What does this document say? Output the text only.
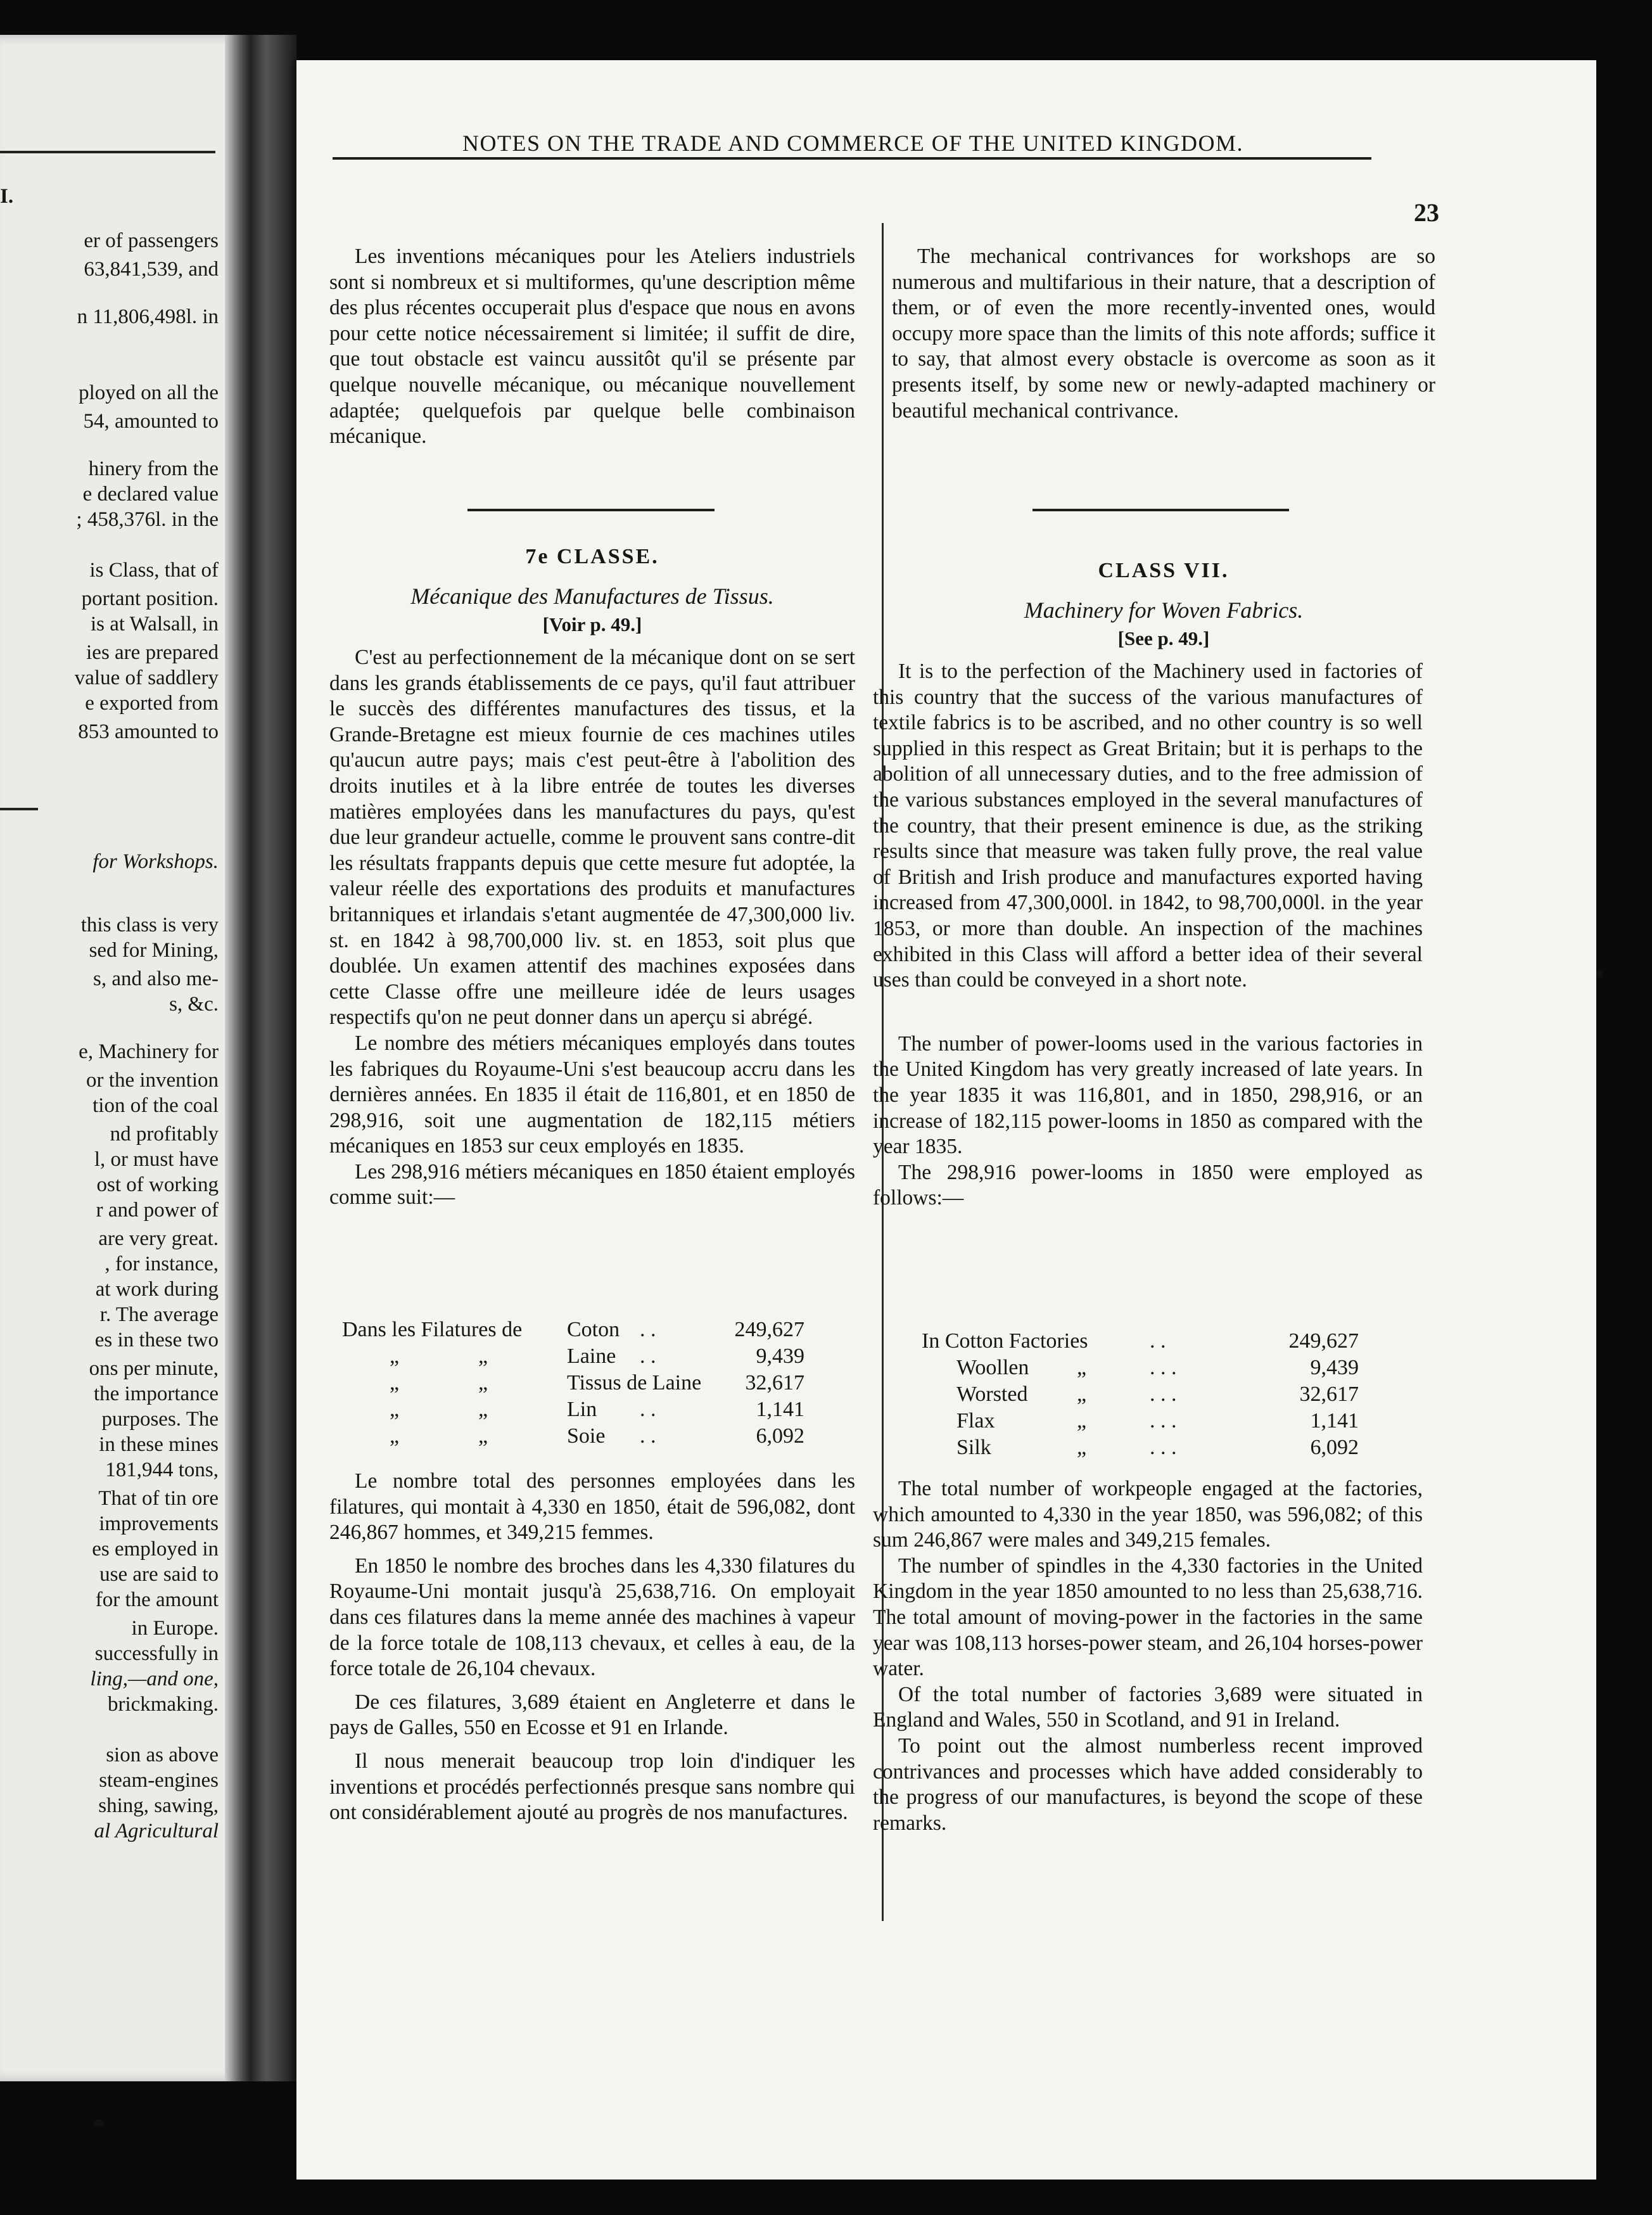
I.
er of passengers
63,841,539, and
n 11,806,498l. in
ployed on all the
54, amounted to
hinery from the
e declared value
; 458,376l. in the
is Class, that of
portant position.
is at Walsall, in
ies are prepared
value of saddlery
e exported from
853 amounted to
for Workshops.
this class is very
sed for Mining,
s, and also me-
s, &c.
e, Machinery for
or the invention
tion of the coal
nd profitably
l, or must have
ost of working
r and power of
are very great.
, for instance,
at work during
r. The average
es in these two
ons per minute,
the importance
purposes. The
in these mines
181,944 tons,
That of tin ore
improvements
es employed in
use are said to
for the amount
in Europe.
successfully in
ling,—and one,
brickmaking.
sion as above
steam-engines
shing, sawing,
al Agricultural
NOTES ON THE TRADE AND COMMERCE OF THE UNITED KINGDOM.
23

Les inventions mécaniques pour les Ateliers industriels sont si nombreux et si multiformes, qu'une description même des plus récentes occuperait plus d'espace que nous en avons pour cette notice nécessairement si limitée; il suffit de dire, que tout obstacle est vaincu aussitôt qu'il se présente par quelque nouvelle mécanique, ou mécanique nouvellement adaptée; quelquefois par quelque belle combinaison mécanique.

7e CLASSE.
Mécanique des Manufactures de Tissus.
[Voir p. 49.]

C'est au perfectionnement de la mécanique dont on se sert dans les grands établissements de ce pays, qu'il faut attribuer le succès des différentes manufactures des tissus, et la Grande-Bretagne est mieux fournie de ces machines utiles qu'aucun autre pays; mais c'est peut-être à l'abolition des droits inutiles et à la libre entrée de toutes les diverses matières employées dans les manufactures du pays, qu'est due leur grandeur actuelle, comme le prouvent sans contre-dit les résultats frappants depuis que cette mesure fut adoptée, la valeur réelle des exportations des produits et manufactures britanniques et irlandais s'etant augmentée de 47,300,000 liv. st. en 1842 à 98,700,000 liv. st. en 1853, soit plus que doublée. Un examen attentif des machines exposées dans cette Classe offre une meilleure idée de leurs usages respectifs qu'on ne peut donner dans un aperçu si abrégé.

Le nombre des métiers mécaniques employés dans toutes les fabriques du Royaume-Uni s'est beaucoup accru dans les dernières années. En 1835 il était de 116,801, et en 1850 de 298,916, soit une augmentation de 182,115 métiers mécaniques en 1853 sur ceux employés en 1835.

Les 298,916 métiers mécaniques en 1850 étaient employés comme suit:—

Dans les Filatures de Coton . .	249,627
„	„	Laine . .	9,439
„	„	Tissus de Laine 32,617
„	„	Lin . .	1,141
„	„	Soie . .	6,092

Le nombre total des personnes employées dans les filatures, qui montait à 4,330 en 1850, était de 596,082, dont 246,867 hommes, et 349,215 femmes.

En 1850 le nombre des broches dans les 4,330 filatures du Royaume-Uni montait jusqu'à 25,638,716. On employait dans ces filatures dans la meme année des machines à vapeur de la force totale de 108,113 chevaux, et celles à eau, de la force totale de 26,104 chevaux.

De ces filatures, 3,689 étaient en Angleterre et dans le pays de Galles, 550 en Ecosse et 91 en Irlande.

Il nous menerait beaucoup trop loin d'indiquer les inventions et procédés perfectionnés presque sans nombre qui ont considérablement ajouté au progrès de nos manufactures.

The mechanical contrivances for workshops are so numerous and multifarious in their nature, that a description of them, or of even the more recently-invented ones, would occupy more space than the limits of this note affords; suffice it to say, that almost every obstacle is overcome as soon as it presents itself, by some new or newly-adapted machinery or beautiful mechanical contrivance.

CLASS VII.
Machinery for Woven Fabrics.
[See p. 49.]

It is to the perfection of the Machinery used in factories of this country that the success of the various manufactures of textile fabrics is to be ascribed, and no other country is so well supplied in this respect as Great Britain; but it is perhaps to the abolition of all unnecessary duties, and to the free admission of the various substances employed in the several manufactures of the country, that their present eminence is due, as the striking results since that measure was taken fully prove, the real value of British and Irish produce and manufactures exported having increased from 47,300,000l. in 1842, to 98,700,000l. in the year 1853, or more than double. An inspection of the machines exhibited in this Class will afford a better idea of their several uses than could be conveyed in a short note.

The number of power-looms used in the various factories in the United Kingdom has very greatly increased of late years. In the year 1835 it was 116,801, and in 1850, 298,916, or an increase of 182,115 power-looms in 1850 as compared with the year 1835.

The 298,916 power-looms in 1850 were employed as follows:—

In Cotton Factories	. .	249,627
Woollen „	. . .	9,439
Worsted „	. . .	32,617
Flax	„	. . .	1,141
Silk	„	. . .	6,092

The total number of workpeople engaged at the factories, which amounted to 4,330 in the year 1850, was 596,082; of this sum 246,867 were males and 349,215 females.

The number of spindles in the 4,330 factories in the United Kingdom in the year 1850 amounted to no less than 25,638,716. The total amount of moving-power in the factories in the same year was 108,113 horses-power steam, and 26,104 horses-power water.

Of the total number of factories 3,689 were situated in England and Wales, 550 in Scotland, and 91 in Ireland.

To point out the almost numberless recent improved contrivances and processes which have added considerably to the progress of our manufactures, is beyond the scope of these remarks.
